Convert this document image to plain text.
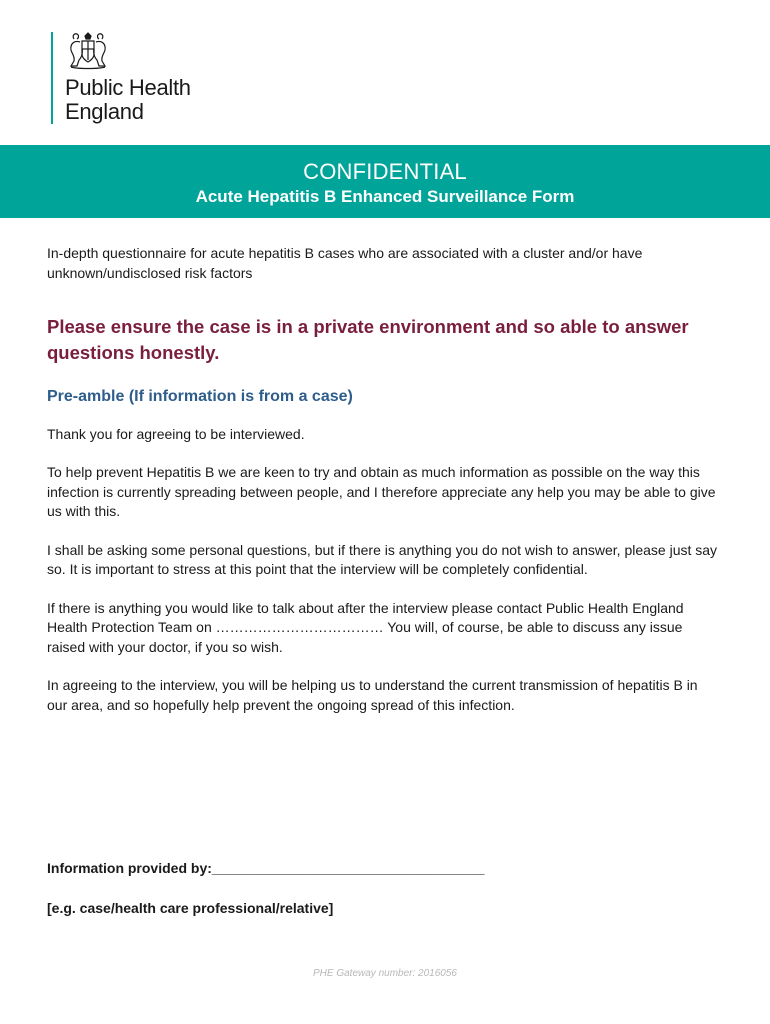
Public Health England
CONFIDENTIAL
Acute Hepatitis B Enhanced Surveillance Form

In-depth questionnaire for acute hepatitis B cases who are associated with a cluster and/or have unknown/undisclosed risk factors

Please ensure the case is in a private environment and so able to answer questions honestly.

Pre-amble (If information is from a case)

Thank you for agreeing to be interviewed.

To help prevent Hepatitis B we are keen to try and obtain as much information as possible on the way this infection is currently spreading between people, and I therefore appreciate any help you may be able to give us with this.

I shall be asking some personal questions, but if there is anything you do not wish to answer, please just say so. It is important to stress at this point that the interview will be completely confidential.

If there is anything you would like to talk about after the interview please contact Public Health England Health Protection Team on ……………………………… You will, of course, be able to discuss any issue raised with your doctor, if you so wish.

In agreeing to the interview, you will be helping us to understand the current transmission of hepatitis B in our area, and so hopefully help prevent the ongoing spread of this infection.

Information provided by:___________________________________
[e.g. case/health care professional/relative]
PHE Gateway number: 2016056
